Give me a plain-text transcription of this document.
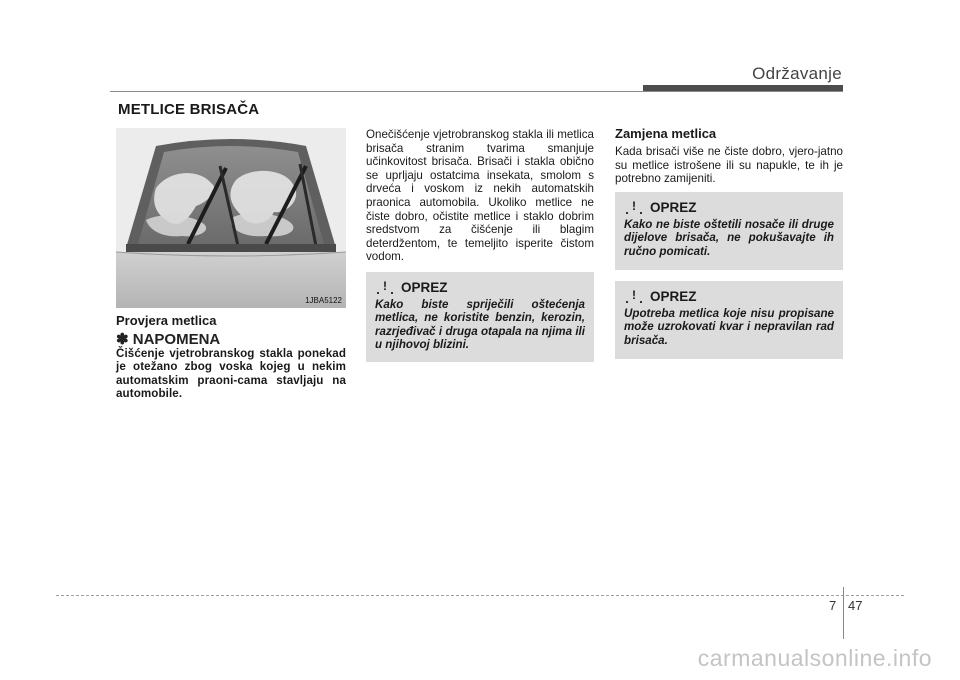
Održavanje
METLICE BRISAČA
1JBA5122
Provjera metlica
✽ NAPOMENA
Čišćenje vjetrobranskog stakla ponekad je otežano zbog voska kojeg u nekim automatskim praoni-cama stavljaju na automobile.
Onečišćenje vjetrobranskog stakla ili metlica brisača stranim tvarima smanjuje učinkovitost brisača. Brisači i stakla obično se uprljaju ostatcima insekata, smolom s drveća i voskom iz nekih automatskih praonica automobila. Ukoliko metlice ne čiste dobro, očistite metlice i staklo dobrim sredstvom za čišćenje ili blagim deterdžentom, te temeljito isperite čistom vodom.
! OPREZ
Kako biste spriječili oštećenja metlica, ne koristite benzin, kerozin, razrjeđivač i druga otapala na njima ili u njihovoj blizini.
Zamjena metlica
Kada brisači više ne čiste dobro, vjero-jatno su metlice istrošene ili su napukle, te ih je potrebno zamijeniti.
! OPREZ
Kako ne biste oštetili nosače ili druge dijelove brisača, ne pokušavajte ih ručno pomicati.
! OPREZ
Upotreba metlica koje nisu propisane može uzrokovati kvar i nepravilan rad brisača.
7 47
carmanualsonline.info
